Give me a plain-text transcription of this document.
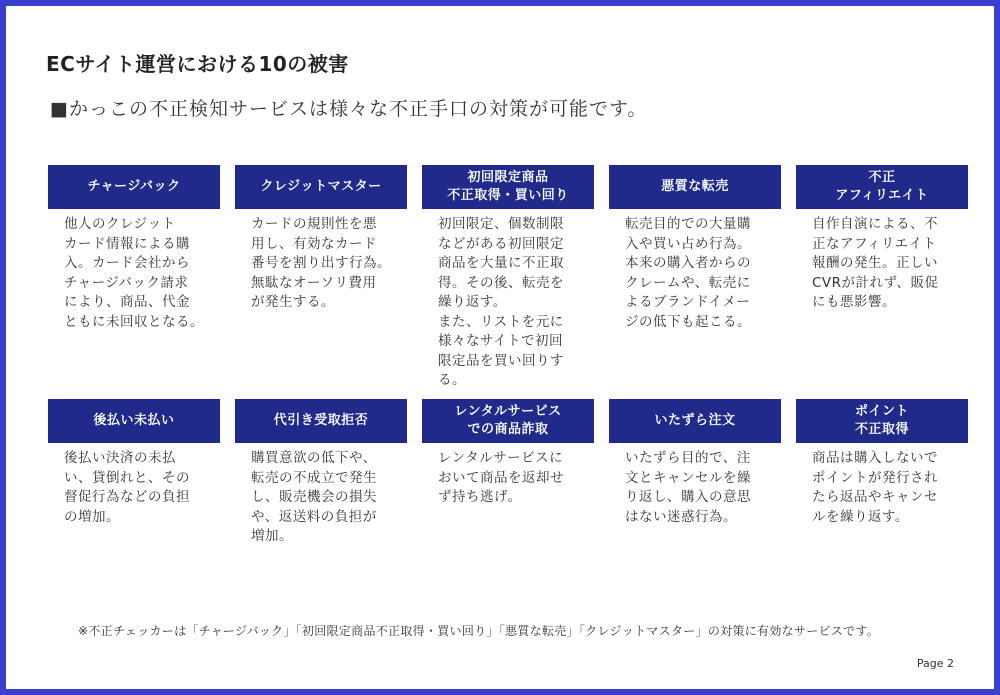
ECサイト運営における10の被害
■かっこの不正検知サービスは様々な不正手口の対策が可能です。
チャージバック
他人のクレジット
カード情報による購
入。カード会社から
チャージバック請求
により、商品、代金
ともに未回収となる。
クレジットマスター
カードの規則性を悪
用し、有効なカード
番号を割り出す行為。
無駄なオーソリ費用
が発生する。
初回限定商品
不正取得・買い回り
初回限定、個数制限
などがある初回限定
商品を大量に不正取
得。その後、転売を
繰り返す。
また、リストを元に
様々なサイトで初回
限定品を買い回りす
る。
悪質な転売
転売目的での大量購
入や買い占め行為。
本来の購入者からの
クレームや、転売に
よるブランドイメー
ジの低下も起こる。
不正
アフィリエイト
自作自演による、不
正なアフィリエイト
報酬の発生。正しい
CVRが計れず、販促
にも悪影響。
後払い未払い
後払い決済の未払
い、貸倒れと、その
督促行為などの負担
の増加。
代引き受取拒否
購買意欲の低下や、
転売の不成立で発生
し、販売機会の損失
や、返送料の負担が
増加。
レンタルサービス
での商品詐取
レンタルサービスに
おいて商品を返却せ
ず持ち逃げ。
いたずら注文
いたずら目的で、注
文とキャンセルを繰
り返し、購入の意思
はない迷惑行為。
ポイント
不正取得
商品は購入しないで
ポイントが発行され
たら返品やキャンセ
ルを繰り返す。
※不正チェッカーは「チャージバック」「初回限定商品不正取得・買い回り」「悪質な転売」「クレジットマスター」の対策に有効なサービスです。
Page 2
